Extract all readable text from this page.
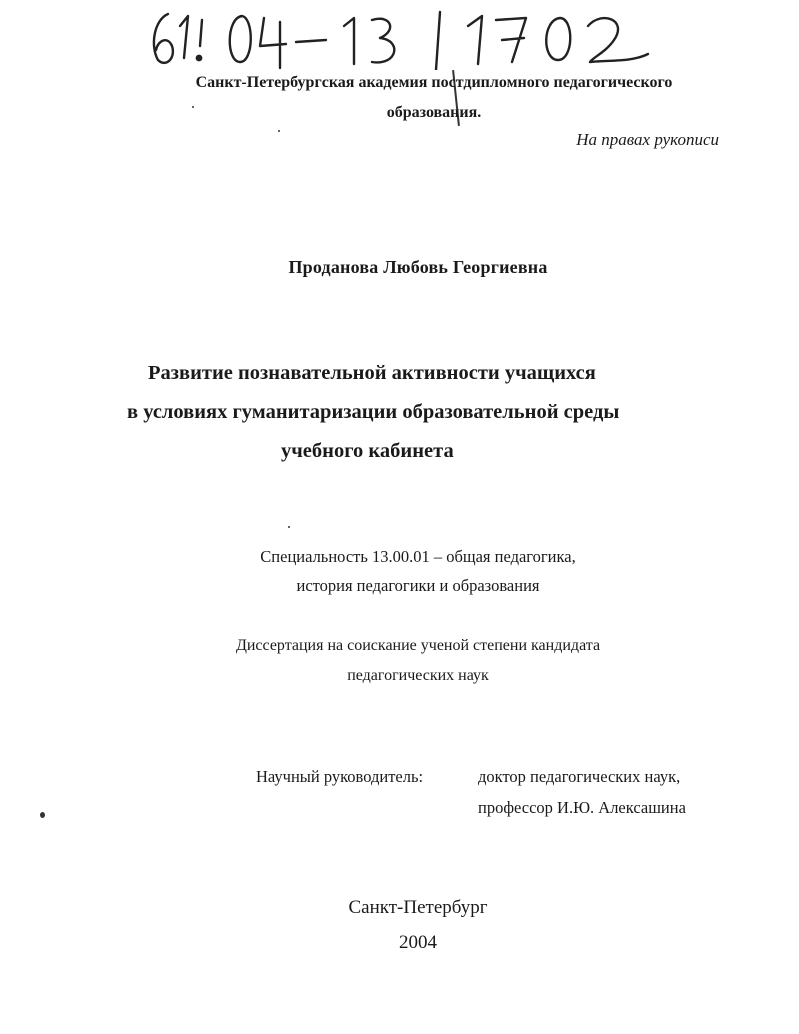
Санкт-Петербургская академия постдипломного педагогического

образования.

На правах рукописи

Проданова Любовь Георгиевна

Развитие познавательной активности учащихся

в условиях гуманитаризации образовательной среды

учебного кабинета

Специальность 13.00.01 – общая педагогика,

история педагогики и образования

Диссертация на соискание ученой степени кандидата

педагогических наук

Научный руководитель:	доктор педагогических наук,

профессор И.Ю. Алексашина

Санкт-Петербург

2004
